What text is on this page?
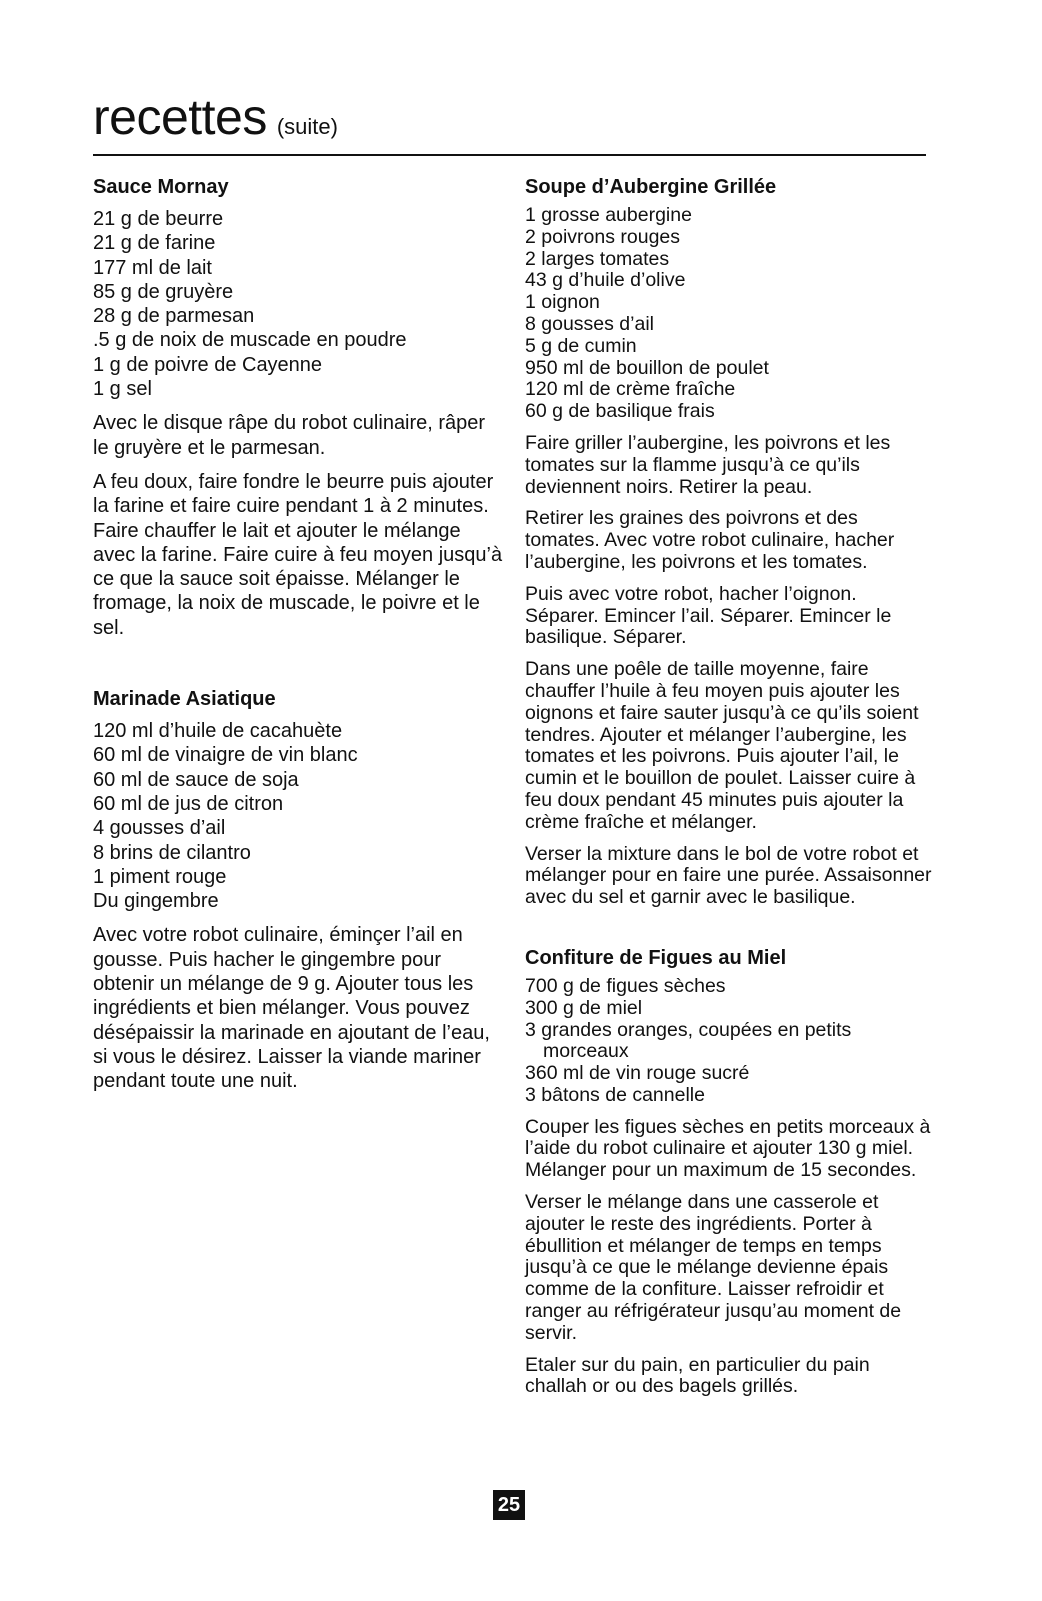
recettes (suite)
Sauce Mornay
21 g de beurre
21 g de farine
177 ml de lait
85 g de gruyère
28 g de parmesan
.5 g de noix de muscade en poudre
1 g de poivre de Cayenne
1 g sel

Avec le disque râpe du robot culinaire, râper le gruyère et le parmesan.

A feu doux, faire fondre le beurre puis ajouter la farine et faire cuire pendant 1 à 2 minutes. Faire chauffer le lait et ajouter le mélange avec la farine. Faire cuire à feu moyen jusqu’à ce que la sauce soit épaisse. Mélanger le fromage, la noix de muscade, le poivre et le sel.

Marinade Asiatique
120 ml d’huile de cacahuète
60 ml de vinaigre de vin blanc
60 ml de sauce de soja
60 ml de jus de citron
4 gousses d’ail
8 brins de cilantro
1 piment rouge
Du gingembre

Avec votre robot culinaire, éminçer l’ail en gousse. Puis hacher le gingembre pour obtenir un mélange de 9 g. Ajouter tous les ingrédients et bien mélanger. Vous pouvez désépaissir la marinade en ajoutant de l’eau, si vous le désirez. Laisser la viande mariner pendant toute une nuit.

Soupe d’Aubergine Grillée
1 grosse aubergine
2 poivrons rouges
2 larges tomates
43 g d’huile d’olive
1 oignon
8 gousses d’ail
5 g de cumin
950 ml de bouillon de poulet
120 ml de crème fraîche
60 g de basilique frais

Faire griller l’aubergine, les poivrons et les tomates sur la flamme jusqu’à ce qu’ils deviennent noirs. Retirer la peau.

Retirer les graines des poivrons et des tomates. Avec votre robot culinaire, hacher l’aubergine, les poivrons et les tomates.

Puis avec votre robot, hacher l’oignon. Séparer. Emincer l’ail. Séparer. Emincer le basilique. Séparer.

Dans une poêle de taille moyenne, faire chauffer l’huile à feu moyen puis ajouter les oignons et faire sauter jusqu’à ce qu’ils soient tendres. Ajouter et mélanger l’aubergine, les tomates et les poivrons. Puis ajouter l’ail, le cumin et le bouillon de poulet. Laisser cuire à feu doux pendant 45 minutes puis ajouter la crème fraîche et mélanger.

Verser la mixture dans le bol de votre robot et mélanger pour en faire une purée. Assaisonner avec du sel et garnir avec le basilique.

Confiture de Figues au Miel
700 g de figues sèches
300 g de miel
3 grandes oranges, coupées en petits morceaux
360 ml de vin rouge sucré
3 bâtons de cannelle

Couper les figues sèches en petits morceaux à l’aide du robot culinaire et ajouter 130 g miel. Mélanger pour un maximum de 15 secondes.

Verser le mélange dans une casserole et ajouter le reste des ingrédients. Porter à ébullition et mélanger de temps en temps jusqu’à ce que le mélange devienne épais comme de la confiture. Laisser refroidir et ranger au réfrigérateur jusqu’au moment de servir.

Etaler sur du pain, en particulier du pain challah or ou des bagels grillés.

25
